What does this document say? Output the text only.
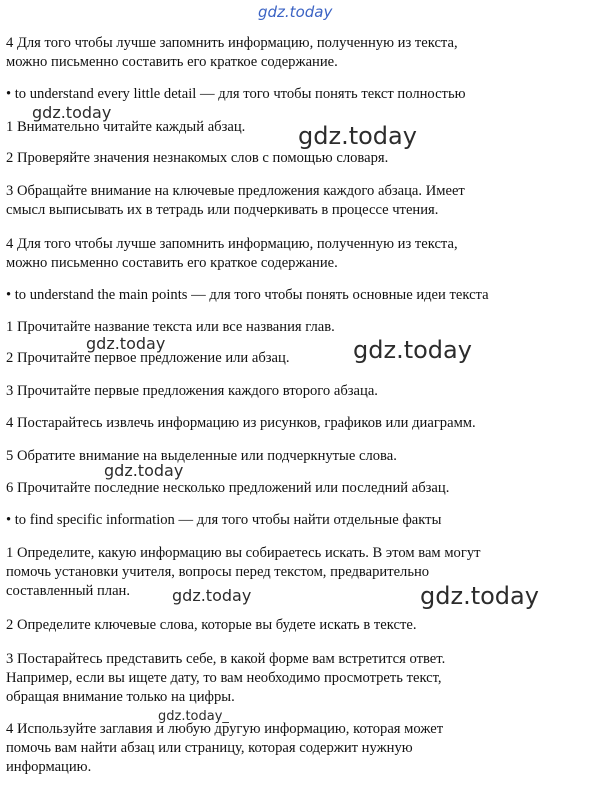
gdz.today
4 Для того чтобы лучше запомнить информацию, полученную из текста,
можно письменно составить его краткое содержание.
• to understand every little detail — для того чтобы понять текст полностью
1 Внимательно читайте каждый абзац.
2 Проверяйте значения незнакомых слов с помощью словаря.
3 Обращайте внимание на ключевые предложения каждого абзаца. Имеет
смысл выписывать их в тетрадь или подчеркивать в процессе чтения.
4 Для того чтобы лучше запомнить информацию, полученную из текста,
можно письменно составить его краткое содержание.
• to understand the main points — для того чтобы понять основные идеи текста
1 Прочитайте название текста или все названия глав.
2 Прочитайте первое предложение или абзац.
3 Прочитайте первые предложения каждого второго абзаца.
4 Постарайтесь извлечь информацию из рисунков, графиков или диаграмм.
5 Обратите внимание на выделенные или подчеркнутые слова.
6 Прочитайте последние несколько предложений или последний абзац.
• to find specific information — для того чтобы найти отдельные факты
1 Определите, какую информацию вы собираетесь искать. В этом вам могут
помочь установки учителя, вопросы перед текстом, предварительно
составленный план.
2 Определите ключевые слова, которые вы будете искать в тексте.
3 Постарайтесь представить себе, в какой форме вам встретится ответ.
Например, если вы ищете дату, то вам необходимо просмотреть текст,
обращая внимание только на цифры.
4 Используйте заглавия и любую другую информацию, которая может
помочь вам найти абзац или страницу, которая содержит нужную
информацию.
gdz.today
gdz.today
gdz.today	gdz.today
gdz.today
gdz.today	gdz.today
gdz.today_
